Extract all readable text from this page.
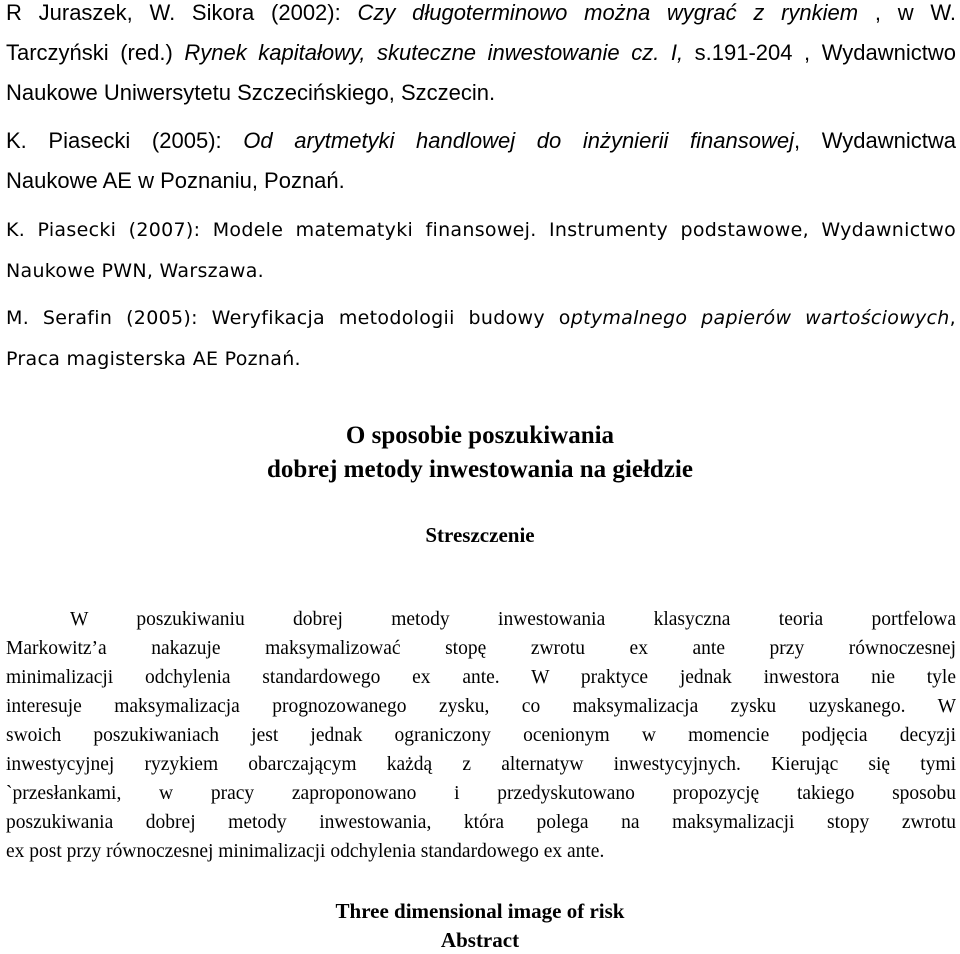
R Juraszek, W. Sikora (2002): Czy długoterminowo można wygrać z rynkiem , w W.
Tarczyński (red.) Rynek kapitałowy, skuteczne inwestowanie cz. I, s.191-204 , Wydawnictwo
Naukowe Uniwersytetu Szczecińskiego, Szczecin.
K. Piasecki (2005): Od arytmetyki handlowej do inżynierii finansowej, Wydawnictwa
Naukowe AE w Poznaniu, Poznań.
K. Piasecki (2007): Modele matematyki finansowej. Instrumenty podstawowe, Wydawnictwo
Naukowe PWN, Warszawa.
M. Serafin (2005): Weryfikacja metodologii budowy optymalnego papierów wartościowych,
Praca magisterska AE Poznań.
O sposobie poszukiwania
dobrej metody inwestowania na giełdzie
Streszczenie
W poszukiwaniu dobrej metody inwestowania klasyczna teoria portfelowa
Markowitz’a nakazuje maksymalizować stopę zwrotu ex ante przy równoczesnej
minimalizacji odchylenia standardowego ex ante. W praktyce jednak inwestora nie tyle
interesuje maksymalizacja prognozowanego zysku, co maksymalizacja zysku uzyskanego. W
swoich poszukiwaniach jest jednak ograniczony ocenionym w momencie podjęcia decyzji
inwestycyjnej ryzykiem obarczającym każdą z alternatyw inwestycyjnych. Kierując się tymi
`przesłankami, w pracy zaproponowano i przedyskutowano propozycję takiego sposobu
poszukiwania dobrej metody inwestowania, która polega na maksymalizacji stopy zwrotu
ex post przy równoczesnej minimalizacji odchylenia standardowego ex ante.
Three dimensional image of risk
Abstract
